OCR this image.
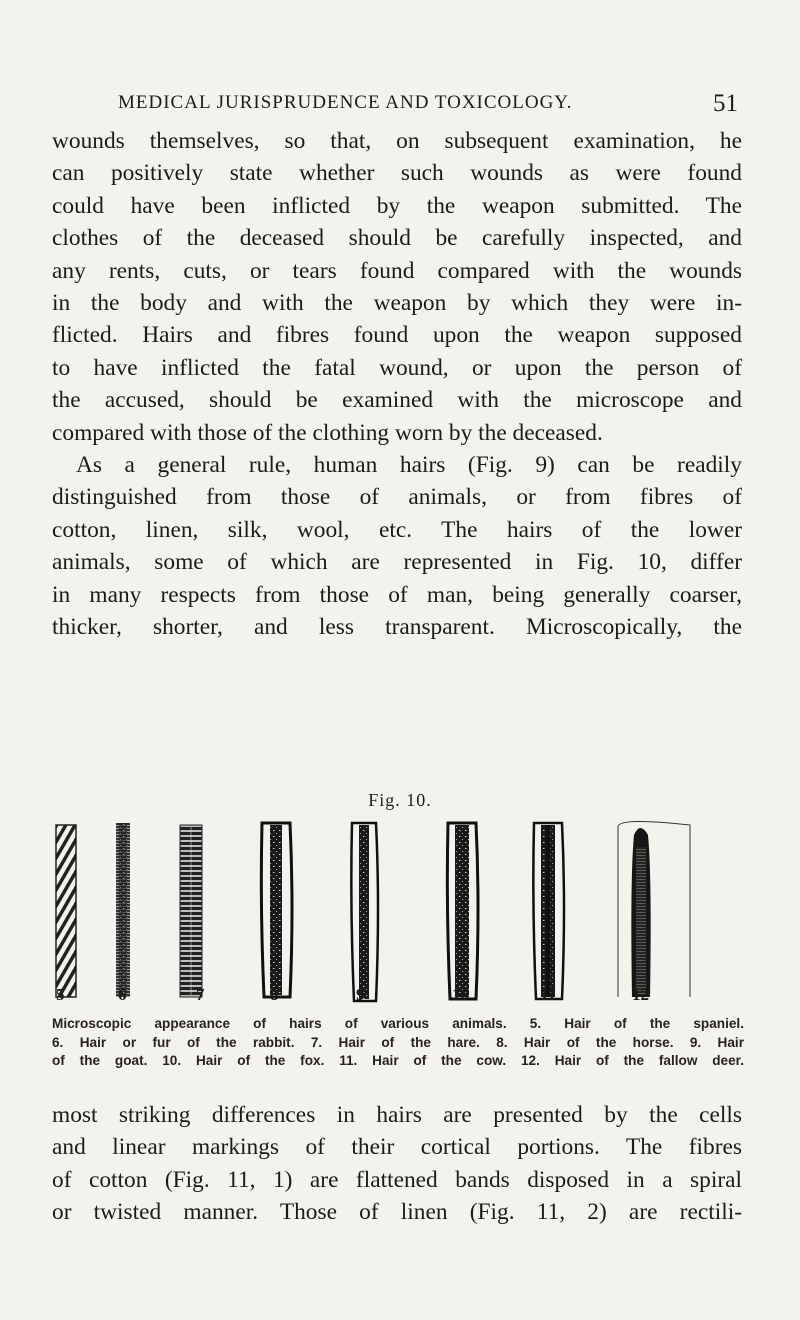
MEDICAL JURISPRUDENCE AND TOXICOLOGY.	51

wounds themselves, so that, on subsequent examination, he
can positively state whether such wounds as were found
could have been inflicted by the weapon submitted. The
clothes of the deceased should be carefully inspected, and
any rents, cuts, or tears found compared with the wounds
in the body and with the weapon by which they were in-
flicted. Hairs and fibres found upon the weapon supposed
to have inflicted the fatal wound, or upon the person of
the accused, should be examined with the microscope and
compared with those of the clothing worn by the deceased.

As a general rule, human hairs (Fig. 9) can be readily
distinguished from those of animals, or from fibres of
cotton, linen, silk, wool, etc. The hairs of the lower
animals, some of which are represented in Fig. 10, differ
in many respects from those of man, being generally coarser,
thicker, shorter, and less transparent. Microscopically, the

Fig. 10.
5	6	7	8	9	10	11	12
Microscopic appearance of hairs of various animals. 5. Hair of the spaniel.
6. Hair or fur of the rabbit. 7. Hair of the hare. 8. Hair of the horse. 9. Hair
of the goat. 10. Hair of the fox. 11. Hair of the cow. 12. Hair of the fallow deer.

most striking differences in hairs are presented by the cells
and linear markings of their cortical portions. The fibres
of cotton (Fig. 11, 1) are flattened bands disposed in a spiral
or twisted manner. Those of linen (Fig. 11, 2) are rectili-
